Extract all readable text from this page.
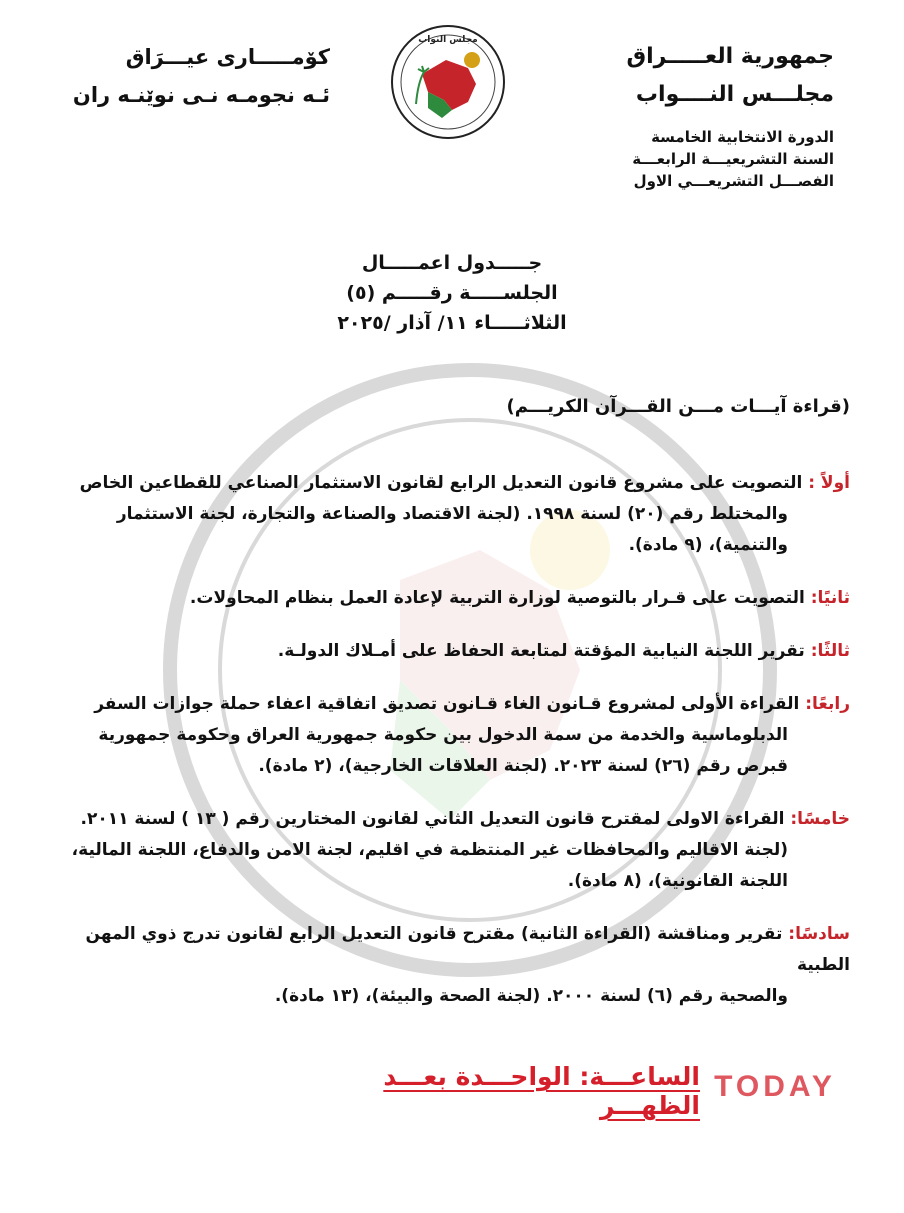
جمهورية العـــــراق
مجلـــس النــــواب
الدورة الانتخابية الخامسة
السنة التشريعيـــة الرابعـــة
الفصـــل التشريعـــي الاول
كۆمـــــارى عيـــرَاق
ئـه نجومـه نـى نوێنـه ران
مجلس النواب
جـــــدول اعمـــــال
الجلســـــة رقـــــم (٥)
الثلاثـــــاء ١١/ آذار /٢٠٢٥
(قراءة آيـــات مـــن القـــرآن الكريـــم)
أولاً : التصويت على مشروع قانون التعديل الرابع لقانون الاستثمار الصناعي للقطاعين الخاص
والمختلط رقم (٢٠) لسنة ١٩٩٨. (لجنة الاقتصاد والصناعة والتجارة، لجنة الاستثمار
والتنمية)، (٩ مادة).
ثانيًا: التصويت على قـرار بالتوصية لوزارة التربية لإعادة العمل بنظام المحاولات.
ثالثًا: تقرير اللجنة النيابية المؤقتة لمتابعة الحفاظ على أمـلاك الدولـة.
رابعًا: القراءة الأولى لمشروع قـانون الغاء قـانون تصديق اتفاقية اعفاء حملة جوازات السفر
الدبلوماسية والخدمة من سمة الدخول بين حكومة جمهورية العراق وحكومة جمهورية
قبرص رقم (٢٦) لسنة ٢٠٢٣. (لجنة العلاقات الخارجية)، (٢ مادة).
خامسًا: القراءة الاولى لمقترح قانون التعديل الثاني لقانون المختارين رقم ( ١٣ ) لسنة ٢٠١١.
(لجنة الاقاليم والمحافظات غير المنتظمة في اقليم، لجنة الامن والدفاع، اللجنة المالية،
اللجنة القانونية)، (٨ مادة).
سادسًا: تقرير ومناقشة (القراءة الثانية) مقترح قانون التعديل الرابع لقانون تدرج ذوي المهن الطبية
والصحية رقم (٦) لسنة ٢٠٠٠. (لجنة الصحة والبيئة)، (١٣ مادة).
الساعـــة: الواحـــدة بعـــد الظهـــر
TODAY
